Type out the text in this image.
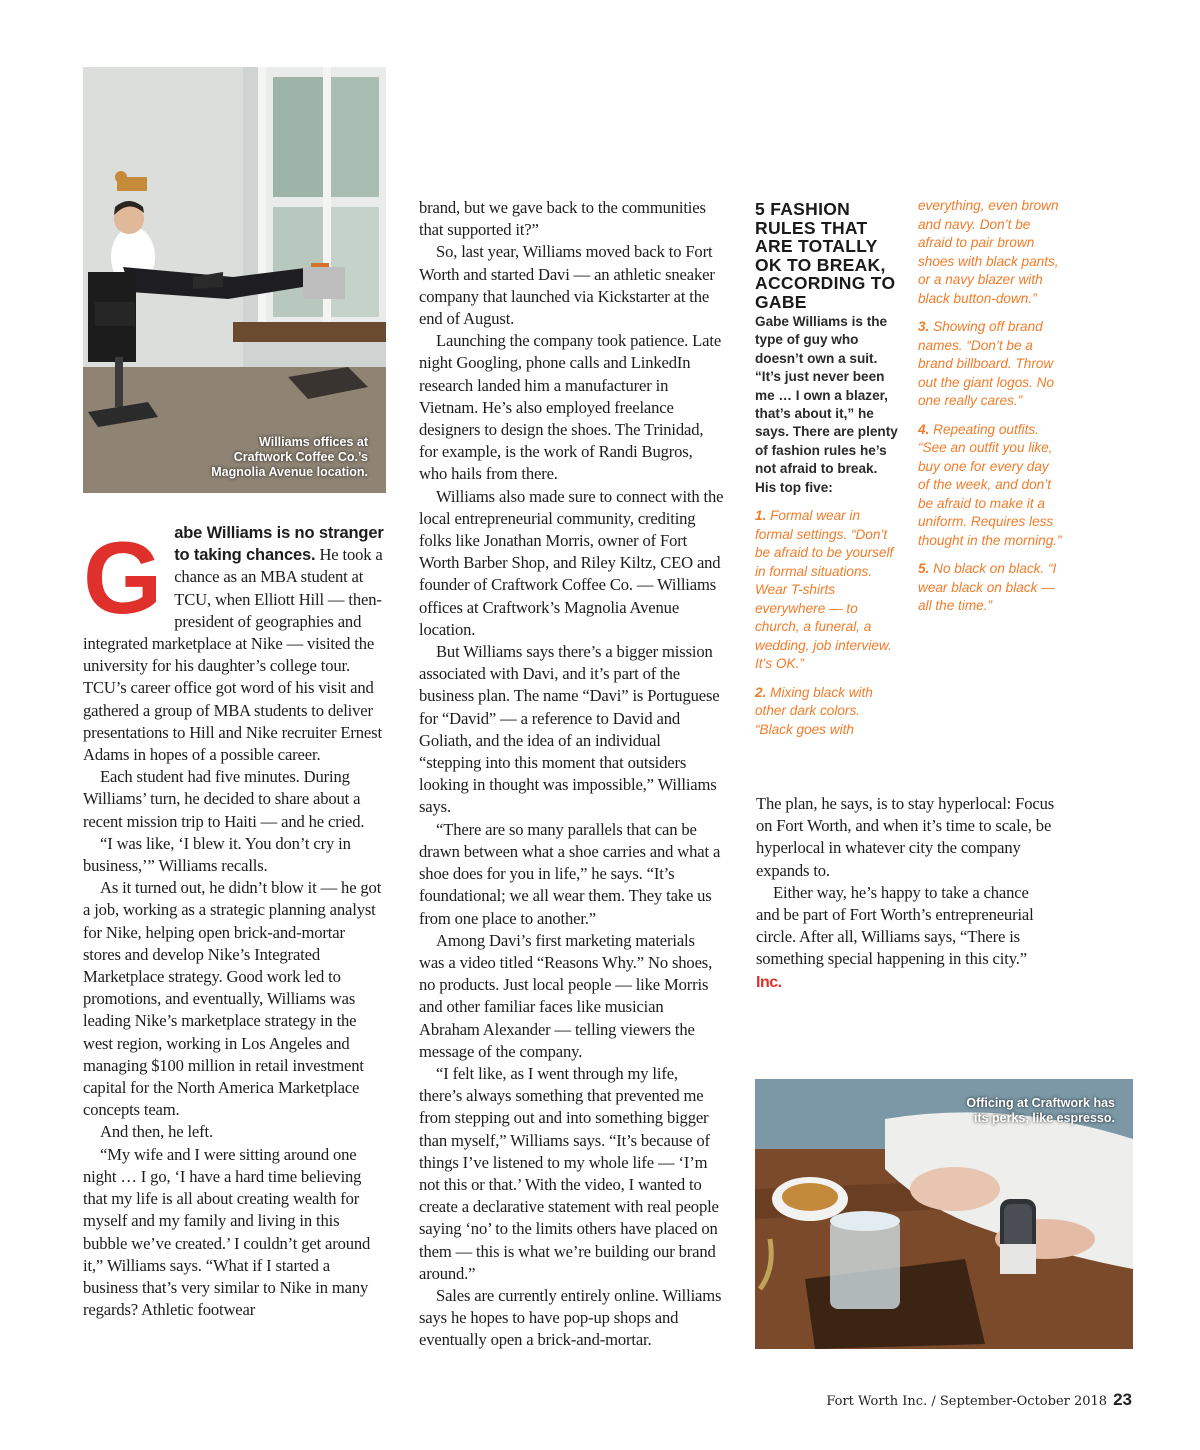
Williams offices at
Craftwork Coffee Co.’s
Magnolia Avenue location.

Gabe Williams is no stranger to taking chances. He took a chance as an MBA student at TCU, when Elliott Hill — then-president of geographies and integrated marketplace at Nike — visited the university for his daughter’s college tour. TCU’s career office got word of his visit and gathered a group of MBA students to deliver presentations to Hill and Nike recruiter Ernest Adams in hopes of a possible career.

Each student had five minutes. During Williams’ turn, he decided to share about a recent mission trip to Haiti — and he cried.

“I was like, ‘I blew it. You don’t cry in business,’” Williams recalls.

As it turned out, he didn’t blow it — he got a job, working as a strategic planning analyst for Nike, helping open brick-and-mortar stores and develop Nike’s Integrated Marketplace strategy. Good work led to promotions, and eventually, Williams was leading Nike’s marketplace strategy in the west region, working in Los Angeles and managing $100 million in retail investment capital for the North America Marketplace concepts team.

And then, he left.

“My wife and I were sitting around one night … I go, ‘I have a hard time believing that my life is all about creating wealth for myself and my family and living in this bubble we’ve created.’ I couldn’t get around it,” Williams says. “What if I started a business that’s very similar to Nike in many regards? Athletic footwear

brand, but we gave back to the communities that supported it?”

So, last year, Williams moved back to Fort Worth and started Davi — an athletic sneaker company that launched via Kickstarter at the end of August.

Launching the company took patience. Late night Googling, phone calls and LinkedIn research landed him a manufacturer in Vietnam. He’s also employed freelance designers to design the shoes. The Trinidad, for example, is the work of Randi Bugros, who hails from there.

Williams also made sure to connect with the local entrepreneurial community, crediting folks like Jonathan Morris, owner of Fort Worth Barber Shop, and Riley Kiltz, CEO and founder of Craftwork Coffee Co. — Williams offices at Craftwork’s Magnolia Avenue location.

But Williams says there’s a bigger mission associated with Davi, and it’s part of the business plan. The name “Davi” is Portuguese for “David” — a reference to David and Goliath, and the idea of an individual “stepping into this moment that outsiders looking in thought was impossible,” Williams says.

“There are so many parallels that can be drawn between what a shoe carries and what a shoe does for you in life,” he says. “It’s foundational; we all wear them. They take us from one place to another.”

Among Davi’s first marketing materials was a video titled “Reasons Why.” No shoes, no products. Just local people — like Morris and other familiar faces like musician Abraham Alexander — telling viewers the message of the company.

“I felt like, as I went through my life, there’s always something that prevented me from stepping out and into something bigger than myself,” Williams says. “It’s because of things I’ve listened to my whole life — ‘I’m not this or that.’ With the video, I wanted to create a declarative statement with real people saying ‘no’ to the limits others have placed on them — this is what we’re building our brand around.”

Sales are currently entirely online. Williams says he hopes to have pop-up shops and eventually open a brick-and-mortar.

5 FASHION RULES THAT ARE TOTALLY OK TO BREAK, ACCORDING TO GABE

Gabe Williams is the type of guy who doesn’t own a suit. “It’s just never been me … I own a blazer, that’s about it,” he says. There are plenty of fashion rules he’s not afraid to break. His top five:

1. Formal wear in formal settings. “Don’t be afraid to be yourself in formal situations. Wear T-shirts everywhere — to church, a funeral, a wedding, job interview. It’s OK.”

2. Mixing black with other dark colors. “Black goes with

everything, even brown and navy. Don’t be afraid to pair brown shoes with black pants, or a navy blazer with black button-down.”

3. Showing off brand names. “Don’t be a brand billboard. Throw out the giant logos. No one really cares.”

4. Repeating outfits. “See an outfit you like, buy one for every day of the week, and don’t be afraid to make it a uniform. Requires less thought in the morning.”

5. No black on black. “I wear black on black — all the time.”

The plan, he says, is to stay hyperlocal: Focus on Fort Worth, and when it’s time to scale, be hyperlocal in whatever city the company expands to.

Either way, he’s happy to take a chance and be part of Fort Worth’s entrepreneurial circle. After all, Williams says, “There is something special happening in this city.” Inc.

Officing at Craftwork has
its perks, like espresso.
Fort Worth Inc. / September-October 2018 23
